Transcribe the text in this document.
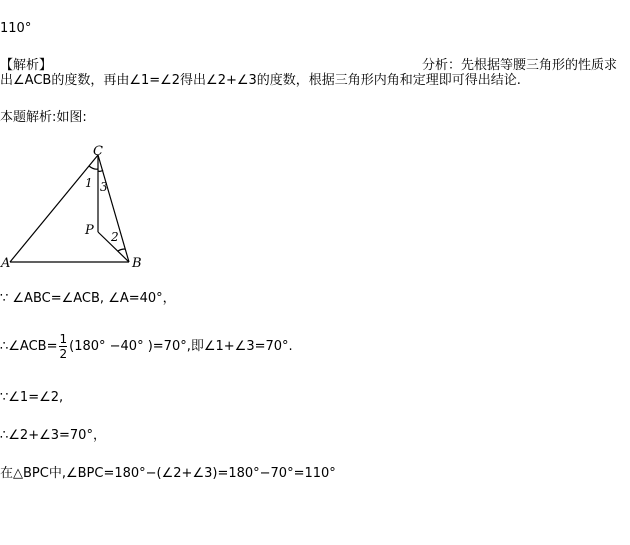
110°
【解析】	分析：先根据等腰三角形的性质求
出∠ACB的度数，再由∠1=∠2得出∠2+∠3的度数，根据三角形内角和定理即可得出结论.
本题解析:如图:
C
A	B
P
1 3
2
∵ ∠ABC=∠ACB, ∠A=40°，
∴∠ACB= $\frac{1}{2} (180^\circ -40^\circ$ )=70°,即∠1+∠3=70°.
∵∠1=∠2,
∴∠2+∠3=70°，
在△BPC中,∠BPC=180°−(∠2+∠3)=180°−70°=110°
